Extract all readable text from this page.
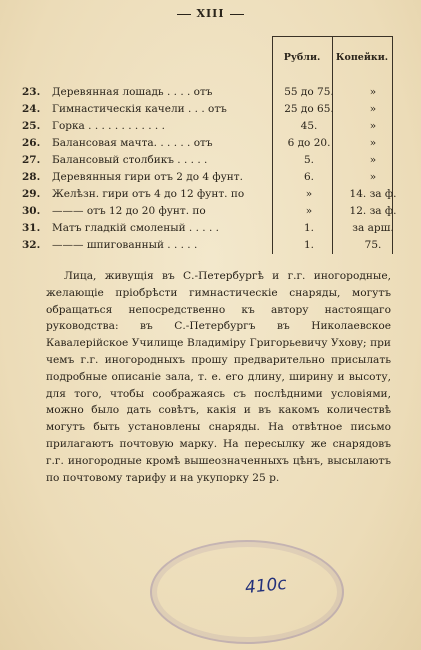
XIII
Рубли.	Копейки.
23.	Деревянная лошадь . . . . отъ	55 до 75.	»
24.	Гимнастическія качели . . . отъ	25 до 65.	»
25.	Горка . . . . . . . . . . . .	45.	»
26.	Балансовая мачта. . . . . . отъ	6 до 20.	»
27.	Балансовый столбикъ . . . . .	5.	»
28.	Деревянныя гири отъ 2 до 4 фунт.	6.	»
29.	Желѣзн. гири отъ 4 до 12 фунт. по	»	14. за ф.
30.	——— отъ 12 до 20 фунт. по	»	12. за ф.
31.	Матъ гладкій смоленый . . . . .	1.	за арш.
32.	——— шпигованный . . . . .	1.	75.

Лица, живущія въ С.-Петербургѣ и г.г. иногородные, желающіе пріобрѣсти гимнастическіе снаряды, могутъ обращаться непосредственно къ автору настоящаго руководства: въ С.-Петербургъ въ Николаевское Кавалерійское Училище Владиміру Григорьевичу Уховy; при чемъ г.г. иногородныхъ прошу предварительно присылать подробные описаніе зала, т. е. его длину, ширину и высоту, для того, чтобы соображаясь съ послѣдними условіями, можно было дать совѣтъ, какія и въ какомъ количествѣ могутъ быть установлены снаряды. На отвѣтное письмо прилагаютъ почтовую марку. На пересылку же снарядовъ г.г. иногородные кромѣ вышеозначенныхъ цѣнъ, высылаютъ по почтовому тарифу и на укупорку 25 р.

410с
